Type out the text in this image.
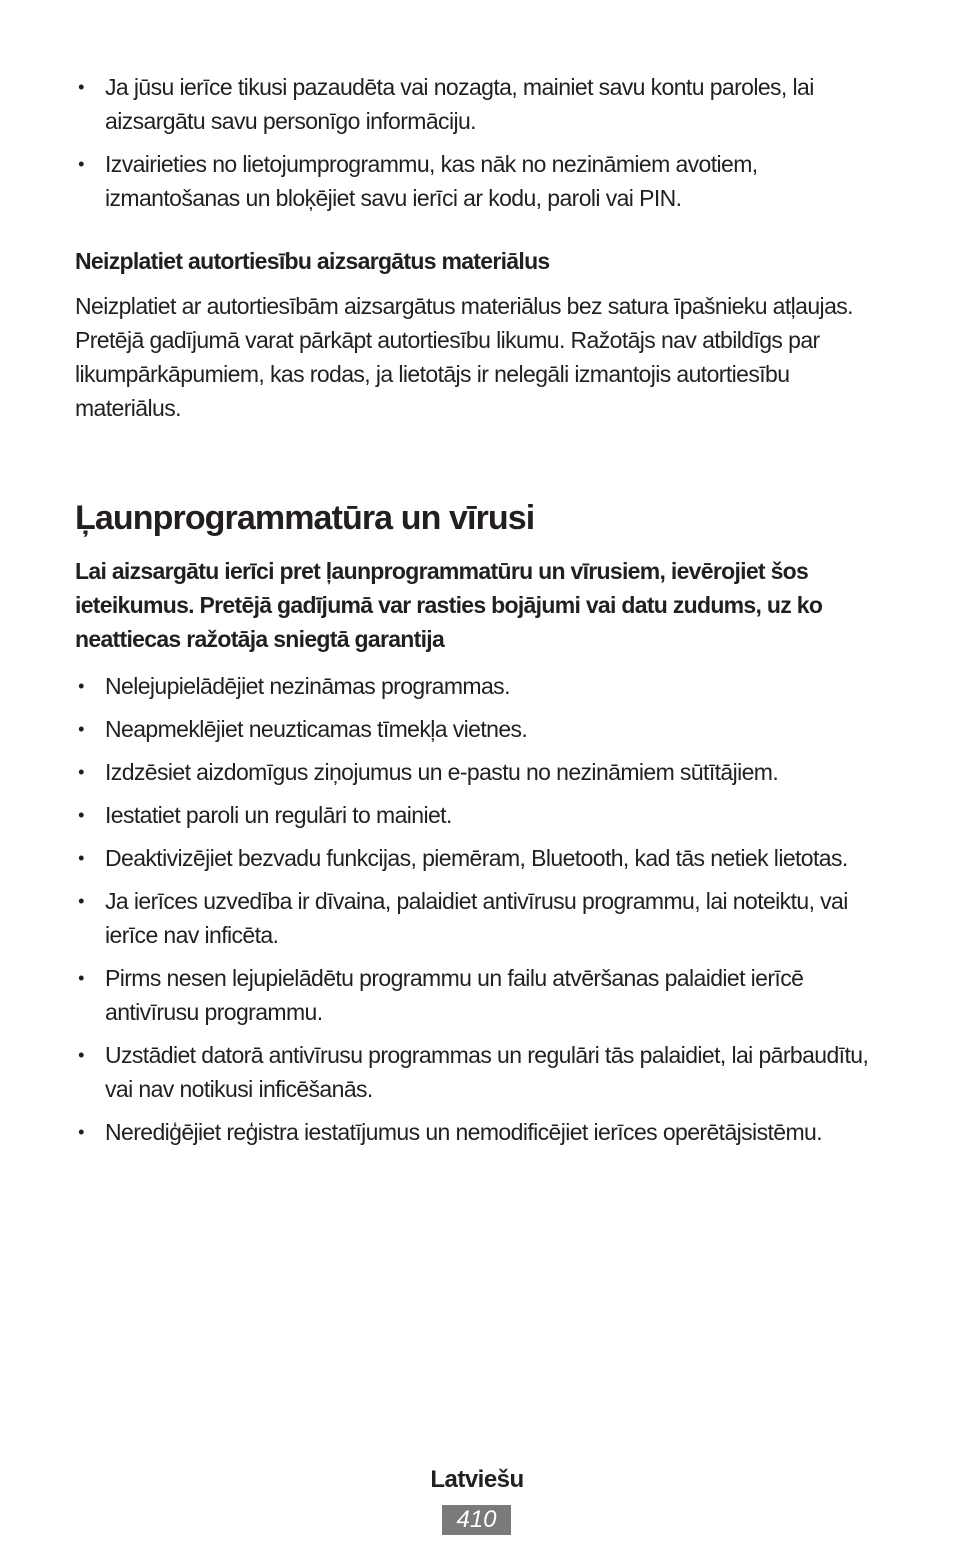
• Ja jūsu ierīce tikusi pazaudēta vai nozagta, mainiet savu kontu paroles, lai aizsargātu savu personīgo informāciju.
• Izvairieties no lietojumprogrammu, kas nāk no nezināmiem avotiem, izmantošanas un bloķējiet savu ierīci ar kodu, paroli vai PIN.
Neizplatiet autortiesību aizsargātus materiālus
Neizplatiet ar autortiesībām aizsargātus materiālus bez satura īpašnieku atļaujas. Pretējā gadījumā varat pārkāpt autortiesību likumu. Ražotājs nav atbildīgs par likumpārkāpumiem, kas rodas, ja lietotājs ir nelegāli izmantojis autortiesību materiālus.
Ļaunprogrammatūra un vīrusi
Lai aizsargātu ierīci pret ļaunprogrammatūru un vīrusiem, ievērojiet šos ieteikumus. Pretējā gadījumā var rasties bojājumi vai datu zudums, uz ko neattiecas ražotāja sniegtā garantija
• Nelejupielādējiet nezināmas programmas.
• Neapmeklējiet neuzticamas tīmekļa vietnes.
• Izdzēsiet aizdomīgus ziņojumus un e-pastu no nezināmiem sūtītājiem.
• Iestatiet paroli un regulāri to mainiet.
• Deaktivizējiet bezvadu funkcijas, piemēram, Bluetooth, kad tās netiek lietotas.
• Ja ierīces uzvedība ir dīvaina, palaidiet antivīrusu programmu, lai noteiktu, vai ierīce nav inficēta.
• Pirms nesen lejupielādētu programmu un failu atvēršanas palaidiet ierīcē antivīrusu programmu.
• Uzstādiet datorā antivīrusu programmas un regulāri tās palaidiet, lai pārbaudītu, vai nav notikusi inficēšanās.
• Nerediģējiet reģistra iestatījumus un nemodificējiet ierīces operētājsistēmu.
Latviešu
410
